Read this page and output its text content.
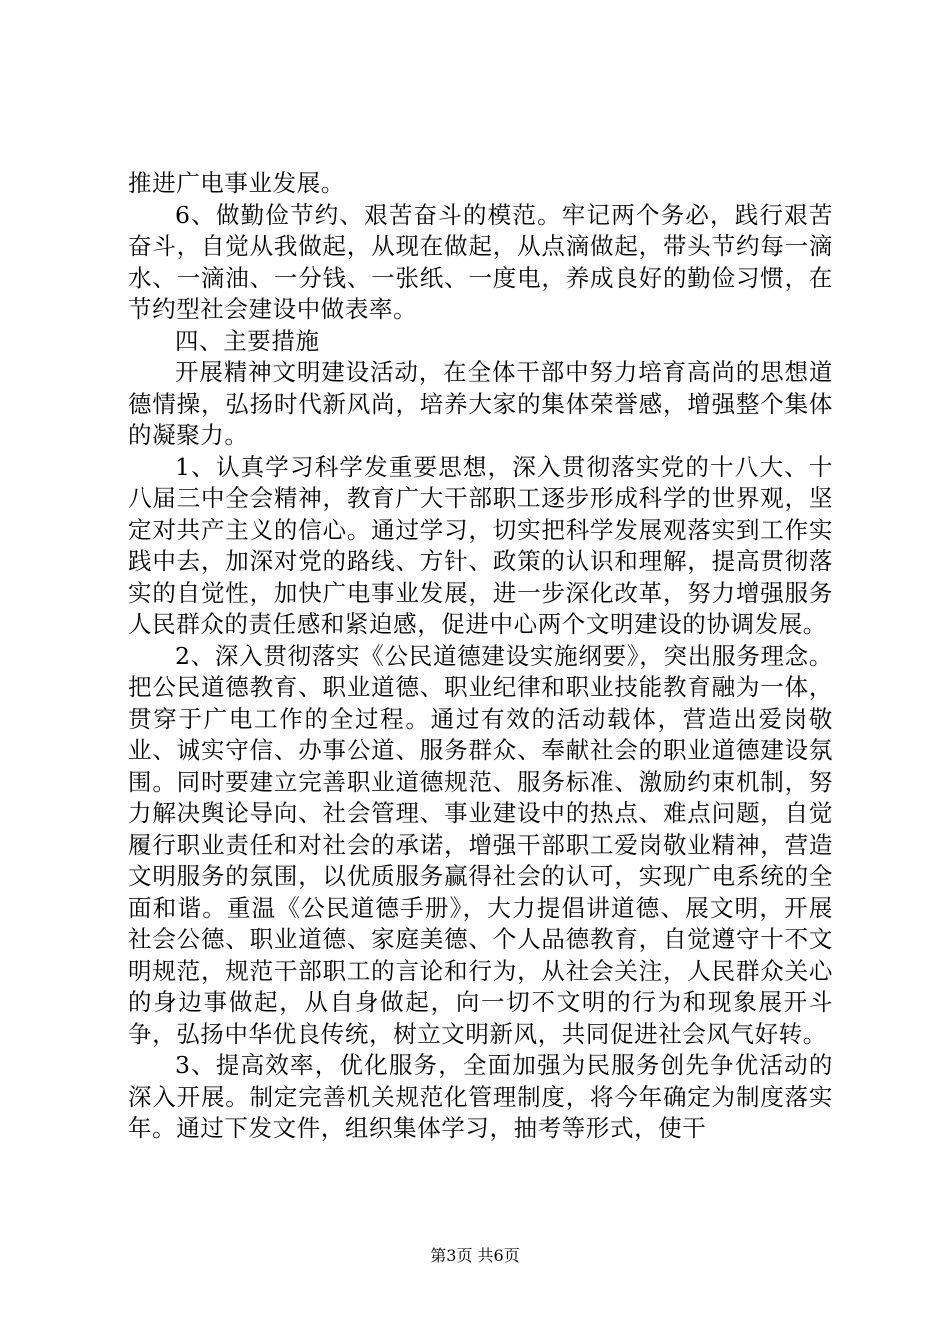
推进广电事业发展。

6、做勤俭节约、艰苦奋斗的模范。牢记两个务必，践行艰苦奋斗，自觉从我做起，从现在做起，从点滴做起，带头节约每一滴水、一滴油、一分钱、一张纸、一度电，养成良好的勤俭习惯，在节约型社会建设中做表率。

四、主要措施

开展精神文明建设活动，在全体干部中努力培育高尚的思想道德情操，弘扬时代新风尚，培养大家的集体荣誉感，增强整个集体的凝聚力。

1、认真学习科学发重要思想，深入贯彻落实党的十八大、十八届三中全会精神，教育广大干部职工逐步形成科学的世界观，坚定对共产主义的信心。通过学习，切实把科学发展观落实到工作实践中去，加深对党的路线、方针、政策的认识和理解，提高贯彻落实的自觉性，加快广电事业发展，进一步深化改革，努力增强服务人民群众的责任感和紧迫感，促进中心两个文明建设的协调发展。

2、深入贯彻落实《公民道德建设实施纲要》，突出服务理念。把公民道德教育、职业道德、职业纪律和职业技能教育融为一体，贯穿于广电工作的全过程。通过有效的活动载体，营造出爱岗敬业、诚实守信、办事公道、服务群众、奉献社会的职业道德建设氛围。同时要建立完善职业道德规范、服务标准、激励约束机制，努力解决舆论导向、社会管理、事业建设中的热点、难点问题，自觉履行职业责任和对社会的承诺，增强干部职工爱岗敬业精神，营造文明服务的氛围，以优质服务赢得社会的认可，实现广电系统的全面和谐。重温《公民道德手册》，大力提倡讲道德、展文明，开展社会公德、职业道德、家庭美德、个人品德教育，自觉遵守十不文明规范，规范干部职工的言论和行为，从社会关注，人民群众关心的身边事做起，从自身做起，向一切不文明的行为和现象展开斗争，弘扬中华优良传统，树立文明新风，共同促进社会风气好转。

3、提高效率，优化服务，全面加强为民服务创先争优活动的深入开展。制定完善机关规范化管理制度，将今年确定为制度落实年。通过下发文件，组织集体学习，抽考等形式，使干

第3页 共6页
